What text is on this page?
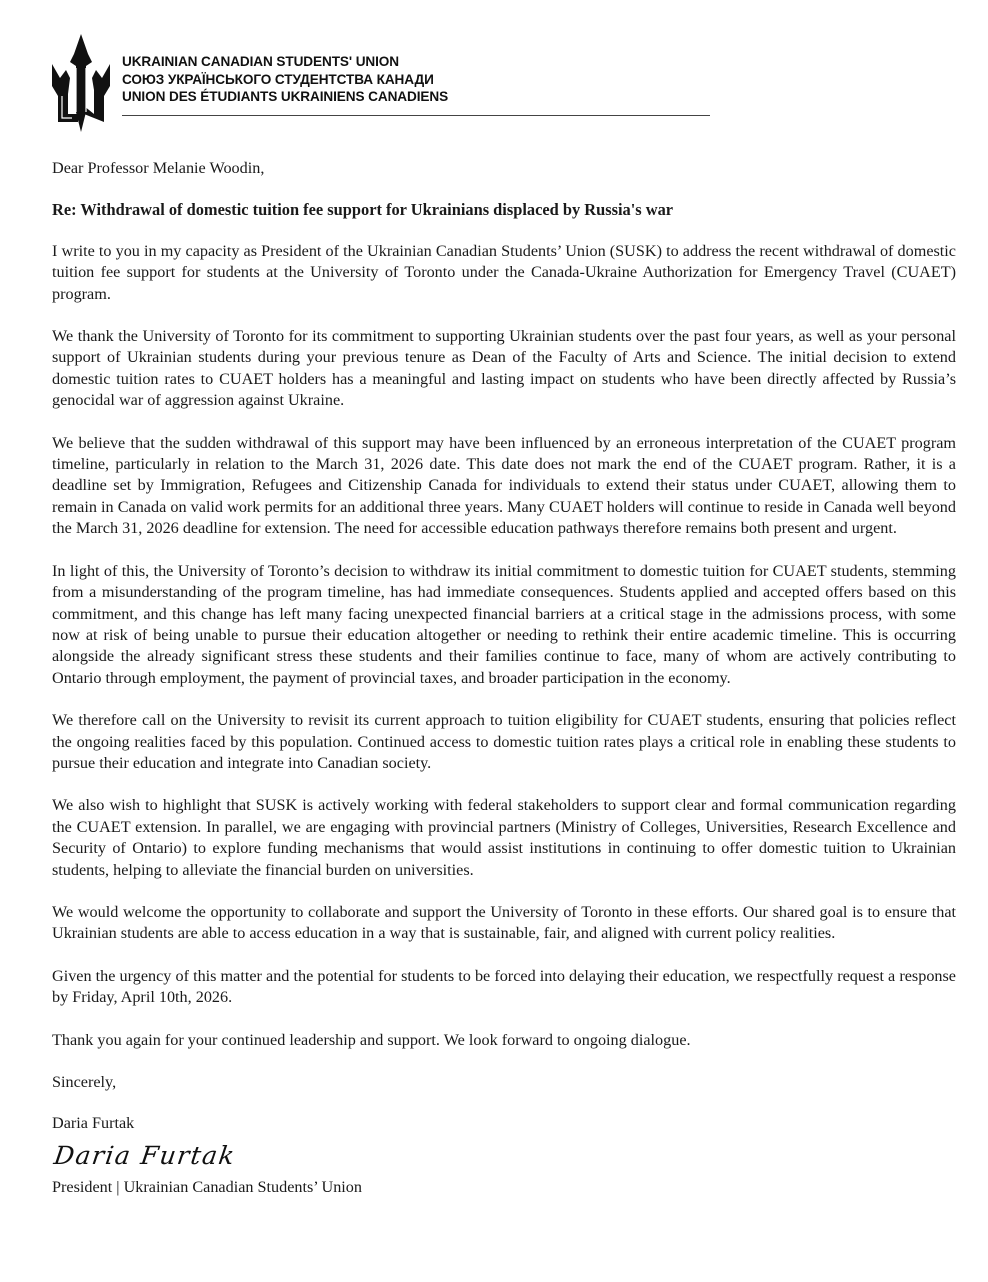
UKRAINIAN CANADIAN STUDENTS' UNION
СОЮЗ УКРАЇНСЬКОГО СТУДЕНТСТВА КАНАДИ
UNION DES ÉTUDIANTS UKRAINIENS CANADIENS

Dear Professor Melanie Woodin,

Re: Withdrawal of domestic tuition fee support for Ukrainians displaced by Russia's war

I write to you in my capacity as President of the Ukrainian Canadian Students’ Union (SUSK) to address the recent withdrawal of domestic tuition fee support for students at the University of Toronto under the Canada-Ukraine Authorization for Emergency Travel (CUAET) program.

We thank the University of Toronto for its commitment to supporting Ukrainian students over the past four years, as well as your personal support of Ukrainian students during your previous tenure as Dean of the Faculty of Arts and Science. The initial decision to extend domestic tuition rates to CUAET holders has a meaningful and lasting impact on students who have been directly affected by Russia’s genocidal war of aggression against Ukraine.

We believe that the sudden withdrawal of this support may have been influenced by an erroneous interpretation of the CUAET program timeline, particularly in relation to the March 31, 2026 date. This date does not mark the end of the CUAET program. Rather, it is a deadline set by Immigration, Refugees and Citizenship Canada for individuals to extend their status under CUAET, allowing them to remain in Canada on valid work permits for an additional three years. Many CUAET holders will continue to reside in Canada well beyond the March 31, 2026 deadline for extension. The need for accessible education pathways therefore remains both present and urgent.

In light of this, the University of Toronto’s decision to withdraw its initial commitment to domestic tuition for CUAET students, stemming from a misunderstanding of the program timeline, has had immediate consequences. Students applied and accepted offers based on this commitment, and this change has left many facing unexpected financial barriers at a critical stage in the admissions process, with some now at risk of being unable to pursue their education altogether or needing to rethink their entire academic timeline. This is occurring alongside the already significant stress these students and their families continue to face, many of whom are actively contributing to Ontario through employment, the payment of provincial taxes, and broader participation in the economy.

We therefore call on the University to revisit its current approach to tuition eligibility for CUAET students, ensuring that policies reflect the ongoing realities faced by this population. Continued access to domestic tuition rates plays a critical role in enabling these students to pursue their education and integrate into Canadian society.

We also wish to highlight that SUSK is actively working with federal stakeholders to support clear and formal communication regarding the CUAET extension. In parallel, we are engaging with provincial partners (Ministry of Colleges, Universities, Research Excellence and Security of Ontario) to explore funding mechanisms that would assist institutions in continuing to offer domestic tuition to Ukrainian students, helping to alleviate the financial burden on universities.

We would welcome the opportunity to collaborate and support the University of Toronto in these efforts. Our shared goal is to ensure that Ukrainian students are able to access education in a way that is sustainable, fair, and aligned with current policy realities.

Given the urgency of this matter and the potential for students to be forced into delaying their education, we respectfully request a response by Friday, April 10th, 2026.

Thank you again for your continued leadership and support. We look forward to ongoing dialogue.

Sincerely,

Daria Furtak

Daria Furtak

President | Ukrainian Canadian Students’ Union
